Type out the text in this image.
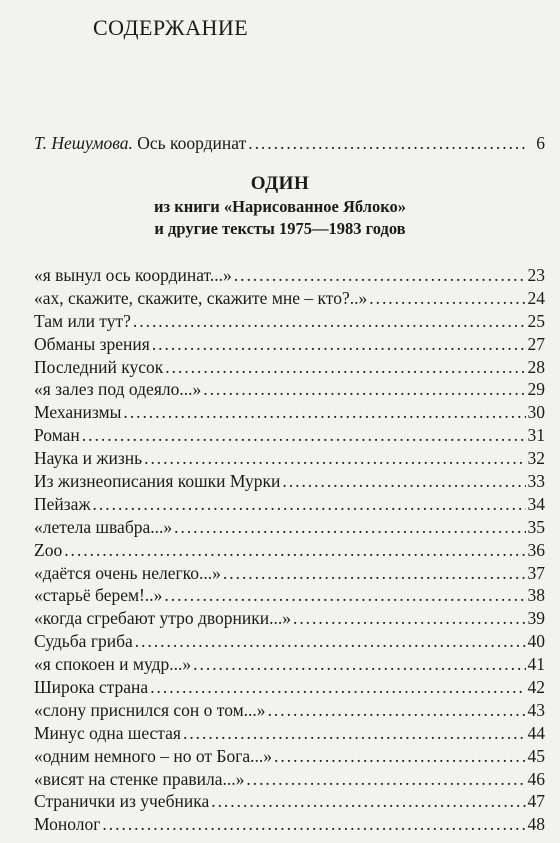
СОДЕРЖАНИЕ
Т. Нешумова. Ось координат . . .	6
ОДИН
из книги «Нарисованное Яблоко»
и другие тексты 1975—1983 годов
«я вынул ось координат...» . . .	23
«ах, скажите, скажите, скажите мне – кто?..» . . .	24
Там или тут? . . .	25
Обманы зрения . . .	27
Последний кусок . . .	28
«я залез под одеяло...» . . .	29
Механизмы . . .	30
Роман . . .	31
Наука и жизнь . . .	32
Из жизнеописания кошки Мурки . . .	33
Пейзаж . . .	34
«летела швабра...» . . .	35
Zoo . . .	36
«даётся очень нелегко...» . . .	37
«старьё берем!..» . . .	38
«когда сгребают утро дворники...» . . .	39
Судьба гриба . . .	40
«я спокоен и мудр...» . . .	41
Широка страна . . .	42
«слону приснился сон о том...» . . .	43
Минус одна шестая . . .	44
«одним немного – но от Бога...» . . .	45
«висят на стенке правила...» . . .	46
Странички из учебника . . .	47
Монолог . . .	48
